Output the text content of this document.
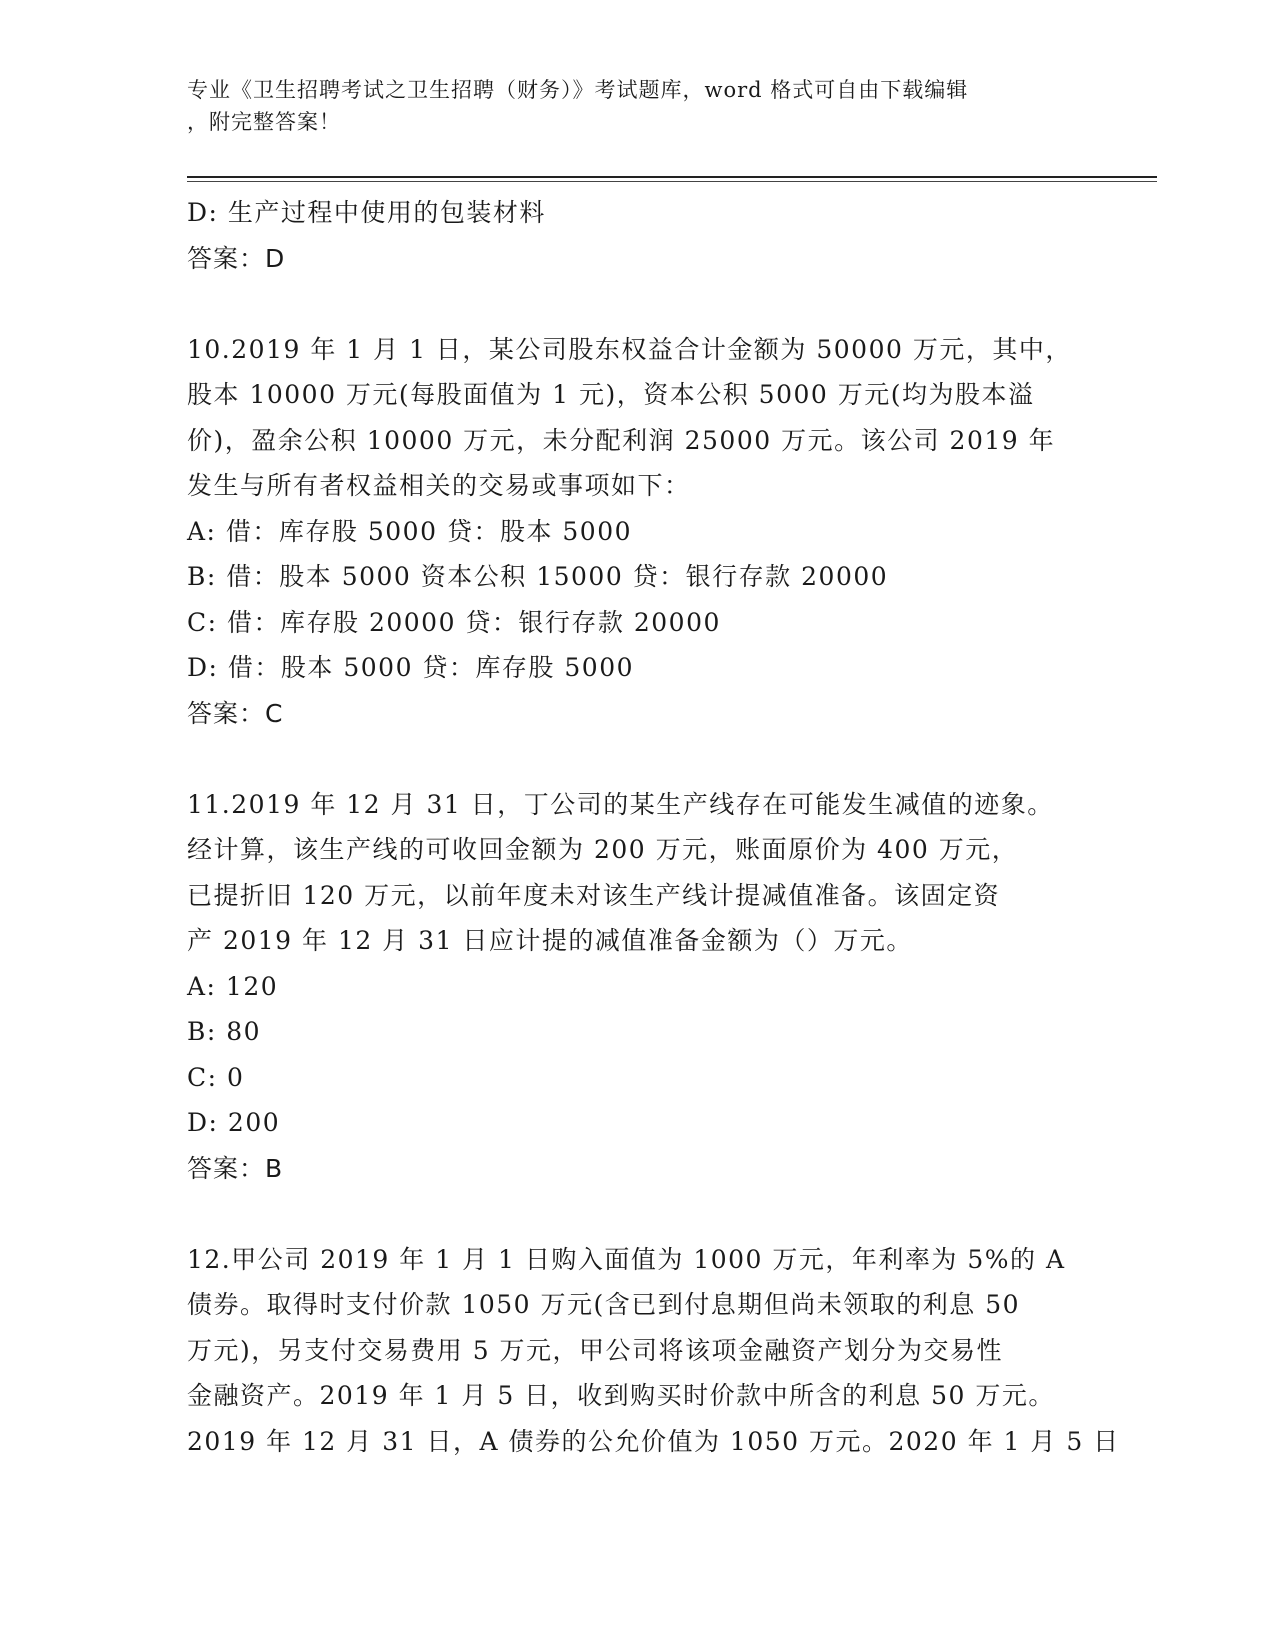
专业《卫生招聘考试之卫生招聘（财务）》考试题库，word 格式可自由下载编辑
，附完整答案！
D: 生产过程中使用的包装材料
答案：D
10.2019 年 1 月 1 日，某公司股东权益合计金额为 50000 万元，其中，
股本 10000 万元(每股面值为 1 元)，资本公积 5000 万元(均为股本溢
价)，盈余公积 10000 万元，未分配利润 25000 万元。该公司 2019 年
发生与所有者权益相关的交易或事项如下：
A: 借：库存股 5000 贷：股本 5000
B: 借：股本 5000 资本公积 15000 贷：银行存款 20000
C: 借：库存股 20000 贷：银行存款 20000
D: 借：股本 5000 贷：库存股 5000
答案：C
11.2019 年 12 月 31 日，丁公司的某生产线存在可能发生减值的迹象。
经计算，该生产线的可收回金额为 200 万元，账面原价为 400 万元，
已提折旧 120 万元，以前年度未对该生产线计提减值准备。该固定资
产 2019 年 12 月 31 日应计提的减值准备金额为（）万元。
A: 120
B: 80
C: 0
D: 200
答案：B
12.甲公司 2019 年 1 月 1 日购入面值为 1000 万元，年利率为 5%的 A
债券。取得时支付价款 1050 万元(含已到付息期但尚未领取的利息 50
万元)，另支付交易费用 5 万元，甲公司将该项金融资产划分为交易性
金融资产。2019 年 1 月 5 日，收到购买时价款中所含的利息 50 万元。
2019 年 12 月 31 日，A 债券的公允价值为 1050 万元。2020 年 1 月 5 日
